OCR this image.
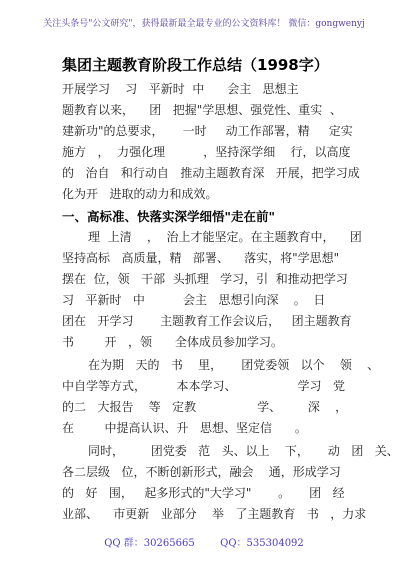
关注头条号"公文研究"，获得最新最全最专业的公文资料库！ 微信：gongwenyj
集团主题教育阶段工作总结（1998字）
开展学习    习   平新时  中      会主   思想主
题教育以来，    团   把握"学思想、强党性、重实  、
建新功"的总要求，     一时     动工作部署，精     定实
施方   ，  力强化理          ，坚持深学细    行，以高度
的   治自   和行动自   推动主题教育深   开展，把学习成
化为开   进取的动力和成效。
一、高标准、快落实深学细悟"走在前"
理  上清    ，  治上才能坚定。在主题教育中，    团
坚持高标   高质量，精   部署、    落实，将"学思想"
摆在  位，领   干部  头抓理   学习，引  和推动把学习
习   平新时   中          会主   思想引向深    。  日
团在   开学习       主题教育工作会议后，   团主题教育
书        开   ，领      全体成员参加学习。
在为期   天的   书    里，     团党委领   以个    领    、
中自学等方式，        本本学习、                学习   党
的二   大报告    等   定教                学、       深    ，
在        中提高认识、升   思想、坚定信      。
同时，       团党委   范   头、以上    下，     动   团   关、
各二层级   位，不断创新形式，融会    通，形成学习
的   好   围，   起多形式的"大学习"       。     团   经
业部、    市更新   业部分    举   了主题教育   书   ，力求
QQ 群：30265665        QQ：535304092
